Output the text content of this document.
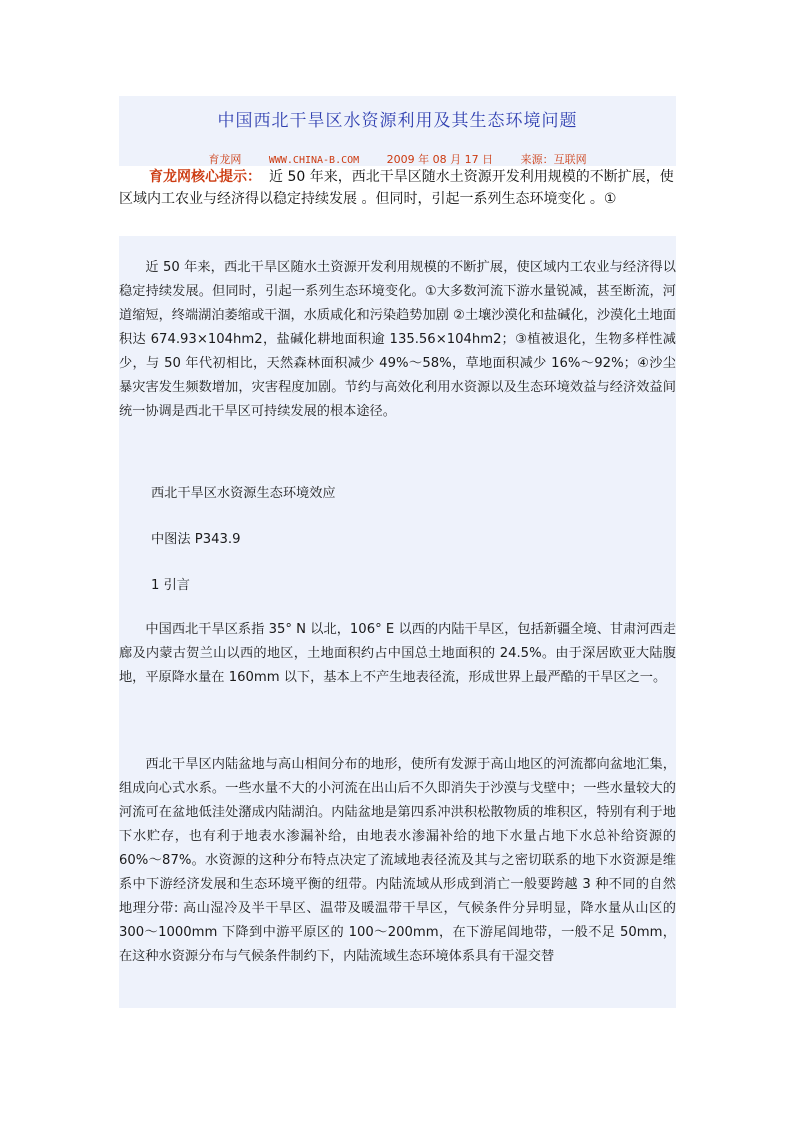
中国西北干旱区水资源利用及其生态环境问题
育龙网	WWW.CHINA-B.COM	2009 年 08 月 17 日	来源：互联网
育龙网核心提示： 近 50 年来，西北干旱区随水土资源开发利用规模的不断扩展，使区域内工农业与经济得以稳定持续发展 。但同时，引起一系列生态环境变化 。①
近 50 年来，西北干旱区随水土资源开发利用规模的不断扩展，使区域内工农业与经济得以稳定持续发展。但同时，引起一系列生态环境变化。①大多数河流下游水量锐减，甚至断流，河道缩短，终端湖泊萎缩或干涸，水质咸化和污染趋势加剧 ②土壤沙漠化和盐碱化，沙漠化土地面积达 674.93×104hm2，盐碱化耕地面积逾 135.56×104hm2；③植被退化，生物多样性减少，与 50 年代初相比，天然森林面积减少 49%～58%，草地面积减少 16%～92%；④沙尘暴灾害发生频数增加，灾害程度加剧。节约与高效化利用水资源以及生态环境效益与经济效益间统一协调是西北干旱区可持续发展的根本途径。
西北干旱区水资源生态环境效应
中图法 P343.9
1 引言
中国西北干旱区系指 35° N 以北，106° E 以西的内陆干旱区，包括新疆全境、甘肃河西走廊及内蒙古贺兰山以西的地区，土地面积约占中国总土地面积的 24.5%。由于深居欧亚大陆腹地，平原降水量在 160mm 以下，基本上不产生地表径流，形成世界上最严酷的干旱区之一。
西北干旱区内陆盆地与高山相间分布的地形，使所有发源于高山地区的河流都向盆地汇集，组成向心式水系。一些水量不大的小河流在出山后不久即消失于沙漠与戈壁中；一些水量较大的河流可在盆地低洼处潴成内陆湖泊。内陆盆地是第四系冲洪积松散物质的堆积区，特别有利于地下水贮存，也有利于地表水渗漏补给，由地表水渗漏补给的地下水量占地下水总补给资源的 60%～87%。水资源的这种分布特点决定了流域地表径流及其与之密切联系的地下水资源是维系中下游经济发展和生态环境平衡的纽带。内陆流域从形成到消亡一般要跨越 3 种不同的自然地理分带: 高山湿冷及半干旱区、温带及暖温带干旱区，气候条件分异明显，降水量从山区的 300～1000mm 下降到中游平原区的 100～200mm，在下游尾闾地带，一般不足 50mm，在这种水资源分布与气候条件制约下，内陆流域生态环境体系具有干湿交替
